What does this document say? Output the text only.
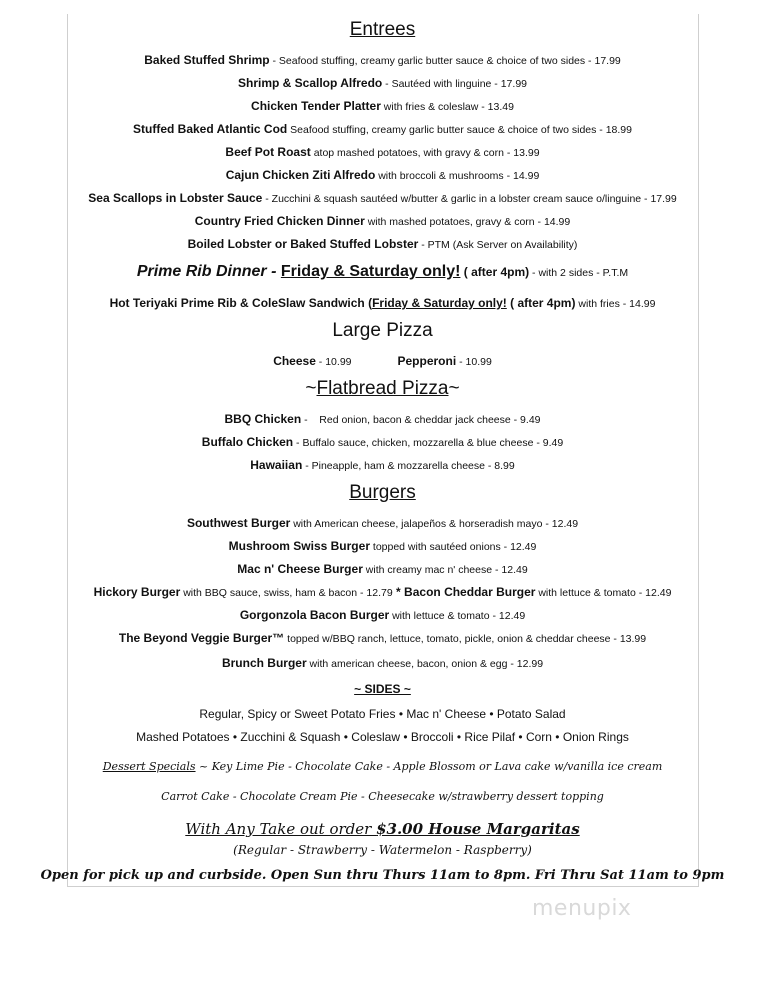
Entrees
Baked Stuffed Shrimp - Seafood stuffing, creamy garlic butter sauce & choice of two sides - 17.99
Shrimp & Scallop Alfredo - Sautéed with linguine - 17.99
Chicken Tender Platter with fries & coleslaw - 13.49
Stuffed Baked Atlantic Cod Seafood stuffing, creamy garlic butter sauce & choice of two sides - 18.99
Beef Pot Roast atop mashed potatoes, with gravy & corn - 13.99
Cajun Chicken Ziti Alfredo with broccoli & mushrooms - 14.99
Sea Scallops in Lobster Sauce - Zucchini & squash sautéed w/butter & garlic in a lobster cream sauce o/linguine - 17.99
Country Fried Chicken Dinner with mashed potatoes, gravy & corn - 14.99
Boiled Lobster or Baked Stuffed Lobster - PTM (Ask Server on Availability)
Prime Rib Dinner - Friday & Saturday only! ( after 4pm) - with 2 sides - P.T.M
Hot Teriyaki Prime Rib & ColeSlaw Sandwich (Friday & Saturday only! ( after 4pm) with fries - 14.99
Large Pizza
Cheese - 10.99	Pepperoni - 10.99
~Flatbread Pizza~
BBQ Chicken -    Red onion, bacon & cheddar jack cheese - 9.49
Buffalo Chicken - Buffalo sauce, chicken, mozzarella & blue cheese - 9.49
Hawaiian - Pineapple, ham & mozzarella cheese - 8.99
Burgers
Southwest Burger with American cheese, jalapeños & horseradish mayo - 12.49
Mushroom Swiss Burger topped with sautéed onions - 12.49
Mac n' Cheese Burger with creamy mac n' cheese - 12.49
Hickory Burger with BBQ sauce, swiss, ham & bacon - 12.79 * Bacon Cheddar Burger with lettuce & tomato - 12.49
Gorgonzola Bacon Burger with lettuce & tomato - 12.49
The Beyond Veggie Burger™ topped w/BBQ ranch, lettuce, tomato, pickle, onion & cheddar cheese - 13.99
Brunch Burger with american cheese, bacon, onion & egg - 12.99
~ SIDES ~
Regular, Spicy or Sweet Potato Fries • Mac n' Cheese • Potato Salad
Mashed Potatoes • Zucchini & Squash • Coleslaw • Broccoli • Rice Pilaf • Corn • Onion Rings
Dessert Specials ~ Key Lime Pie - Chocolate Cake - Apple Blossom or Lava cake w/vanilla ice cream
Carrot Cake - Chocolate Cream Pie - Cheesecake w/strawberry dessert topping
With Any Take out order $3.00 House Margaritas
(Regular - Strawberry - Watermelon - Raspberry)
Open for pick up and curbside. Open Sun thru Thurs 11am to 8pm. Fri Thru Sat 11am to 9pm
menupix
